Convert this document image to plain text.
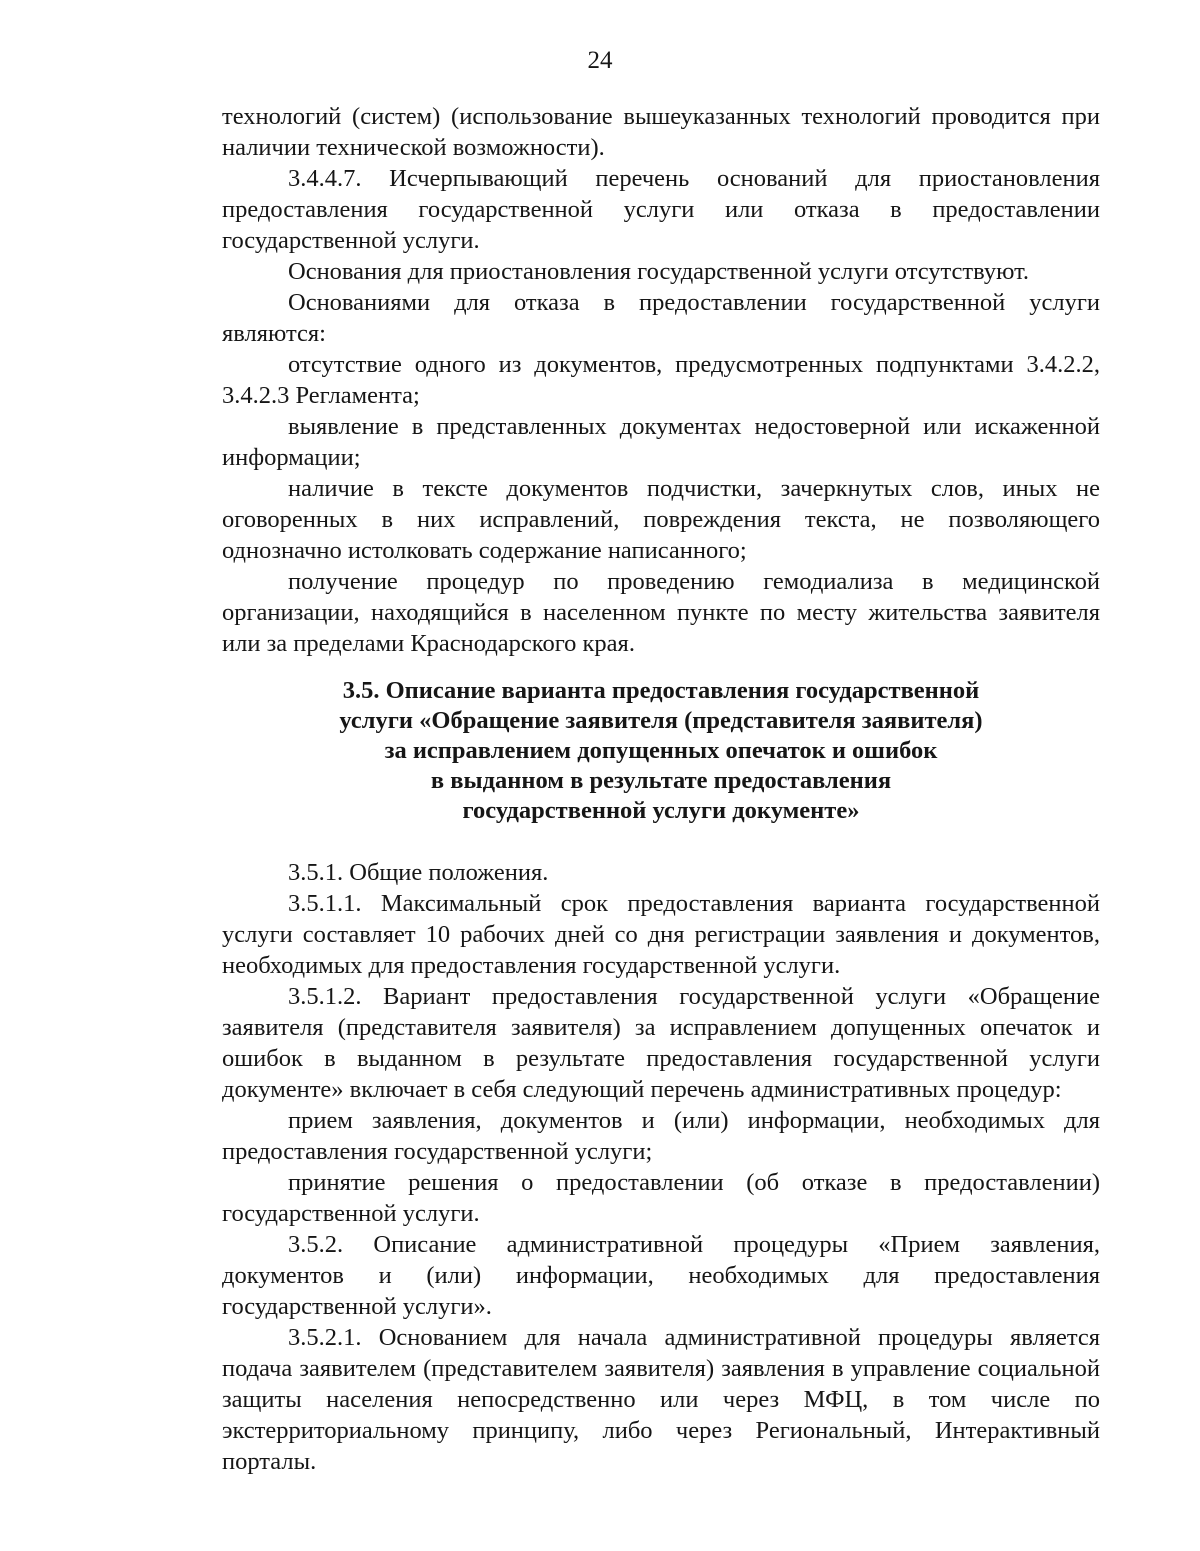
24

технологий (систем) (использование вышеуказанных технологий проводится при наличии технической возможности).

3.4.4.7. Исчерпывающий перечень оснований для приостановления предоставления государственной услуги или отказа в предоставлении государственной услуги.

Основания для приостановления государственной услуги отсутствуют.

Основаниями для отказа в предоставлении государственной услуги являются:

отсутствие одного из документов, предусмотренных подпунктами 3.4.2.2, 3.4.2.3 Регламента;

выявление в представленных документах недостоверной или искаженной информации;

наличие в тексте документов подчистки, зачеркнутых слов, иных не оговоренных в них исправлений, повреждения текста, не позволяющего однозначно истолковать содержание написанного;

получение процедур по проведению гемодиализа в медицинской организации, находящийся в населенном пункте по месту жительства заявителя или за пределами Краснодарского края.

3.5. Описание варианта предоставления государственной
услуги «Обращение заявителя (представителя заявителя)
за исправлением допущенных опечаток и ошибок
в выданном в результате предоставления
государственной услуги документе»

3.5.1. Общие положения.

3.5.1.1. Максимальный срок предоставления варианта государственной услуги составляет 10 рабочих дней со дня регистрации заявления и документов, необходимых для предоставления государственной услуги.

3.5.1.2. Вариант предоставления государственной услуги «Обращение заявителя (представителя заявителя) за исправлением допущенных опечаток и ошибок в выданном в результате предоставления государственной услуги документе» включает в себя следующий перечень административных процедур:

прием заявления, документов и (или) информации, необходимых для предоставления государственной услуги;

принятие решения о предоставлении (об отказе в предоставлении) государственной услуги.

3.5.2. Описание административной процедуры «Прием заявления, документов и (или) информации, необходимых для предоставления государственной услуги».

3.5.2.1. Основанием для начала административной процедуры является подача заявителем (представителем заявителя) заявления в управление социальной защиты населения непосредственно или через МФЦ, в том числе по экстерриториальному принципу, либо через Региональный, Интерактивный порталы.
